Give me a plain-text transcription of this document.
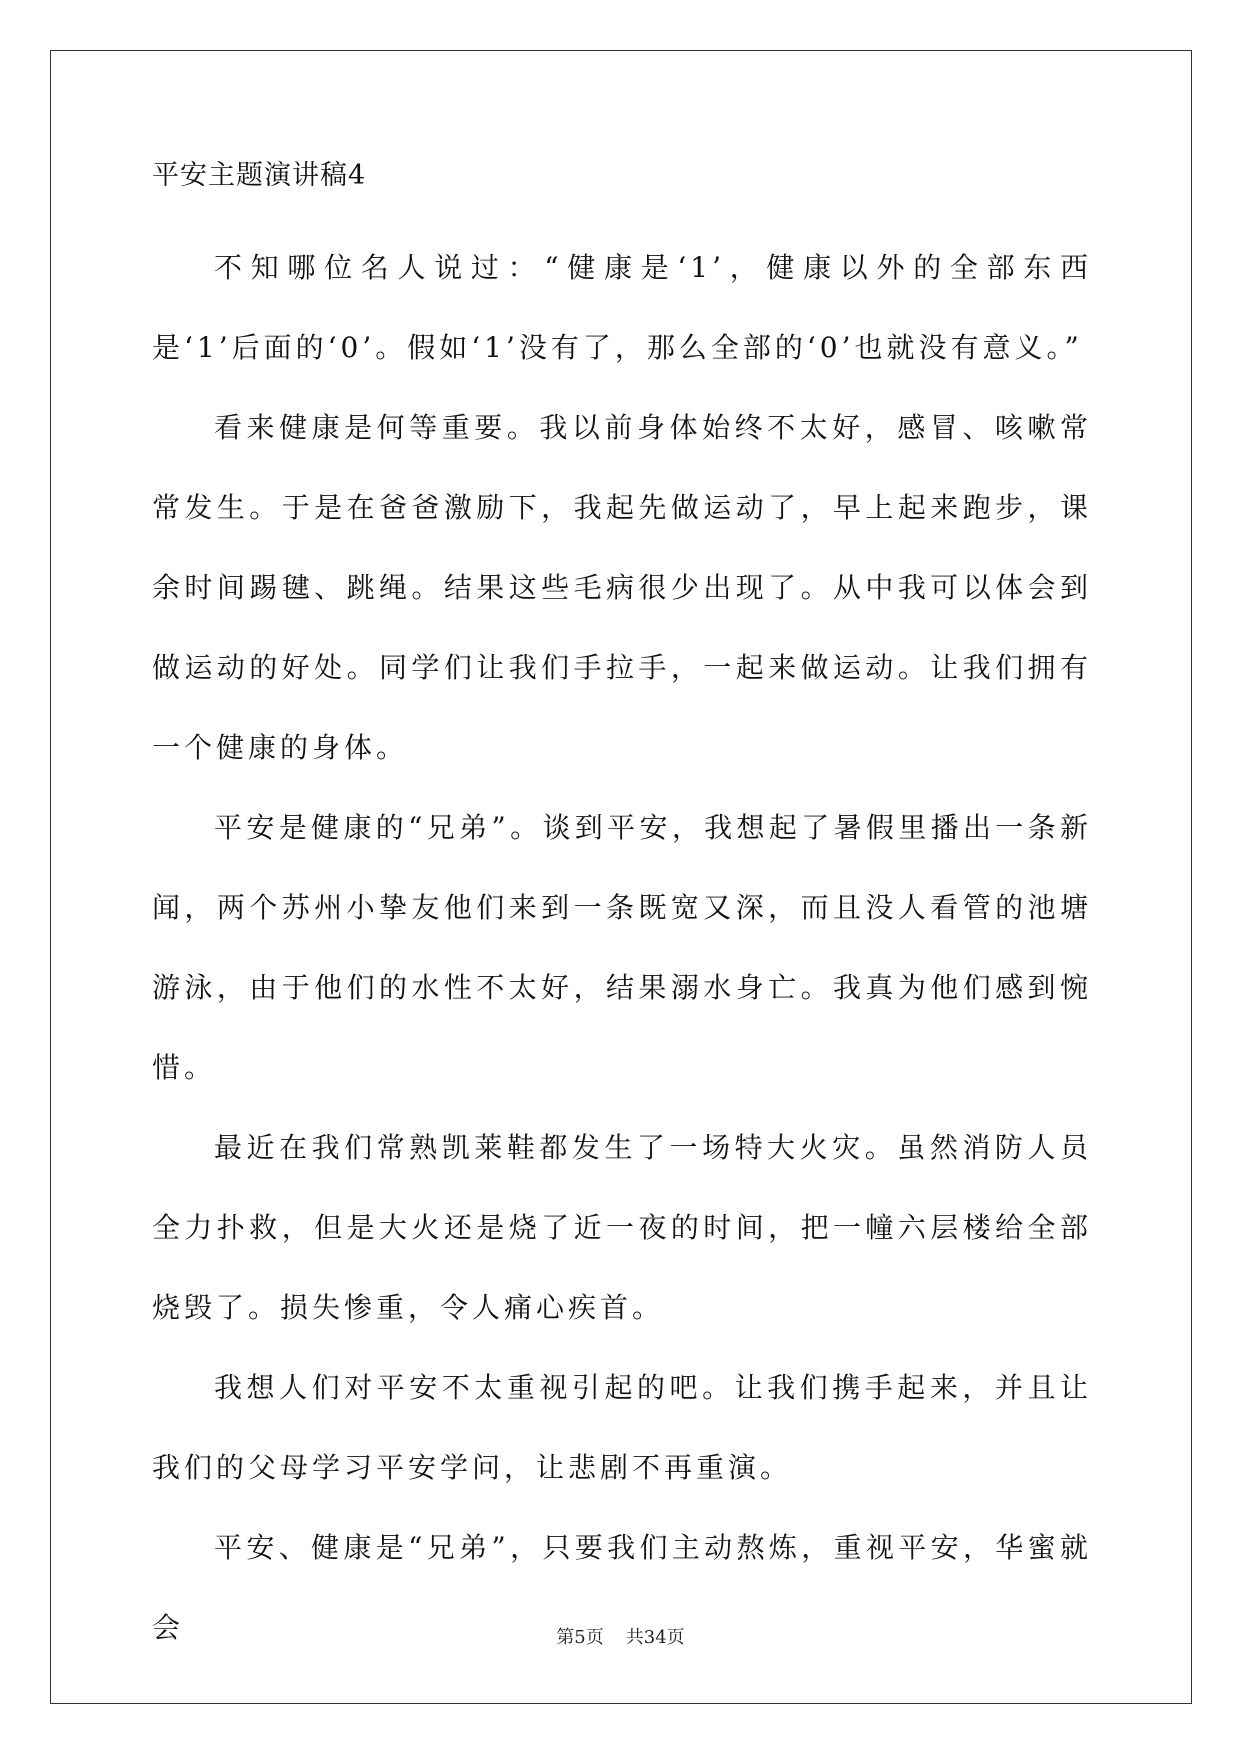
平安主题演讲稿4

不知哪位名人说过：“健康是‘1’，健康以外的全部东西是‘1’后面的‘0’。假如‘1’没有了，那么全部的‘0’也就没有意义。”

看来健康是何等重要。我以前身体始终不太好，感冒、咳嗽常常发生。于是在爸爸激励下，我起先做运动了，早上起来跑步，课余时间踢毽、跳绳。结果这些毛病很少出现了。从中我可以体会到做运动的好处。同学们让我们手拉手，一起来做运动。让我们拥有一个健康的身体。

平安是健康的“兄弟”。谈到平安，我想起了暑假里播出一条新闻，两个苏州小挚友他们来到一条既宽又深，而且没人看管的池塘游泳，由于他们的水性不太好，结果溺水身亡。我真为他们感到惋惜。

最近在我们常熟凯莱鞋都发生了一场特大火灾。虽然消防人员全力扑救，但是大火还是烧了近一夜的时间，把一幢六层楼给全部烧毁了。损失惨重，令人痛心疾首。

我想人们对平安不太重视引起的吧。让我们携手起来，并且让我们的父母学习平安学问，让悲剧不再重演。

平安、健康是“兄弟”，只要我们主动熬炼，重视平安，华蜜就会	第5页 共34页
